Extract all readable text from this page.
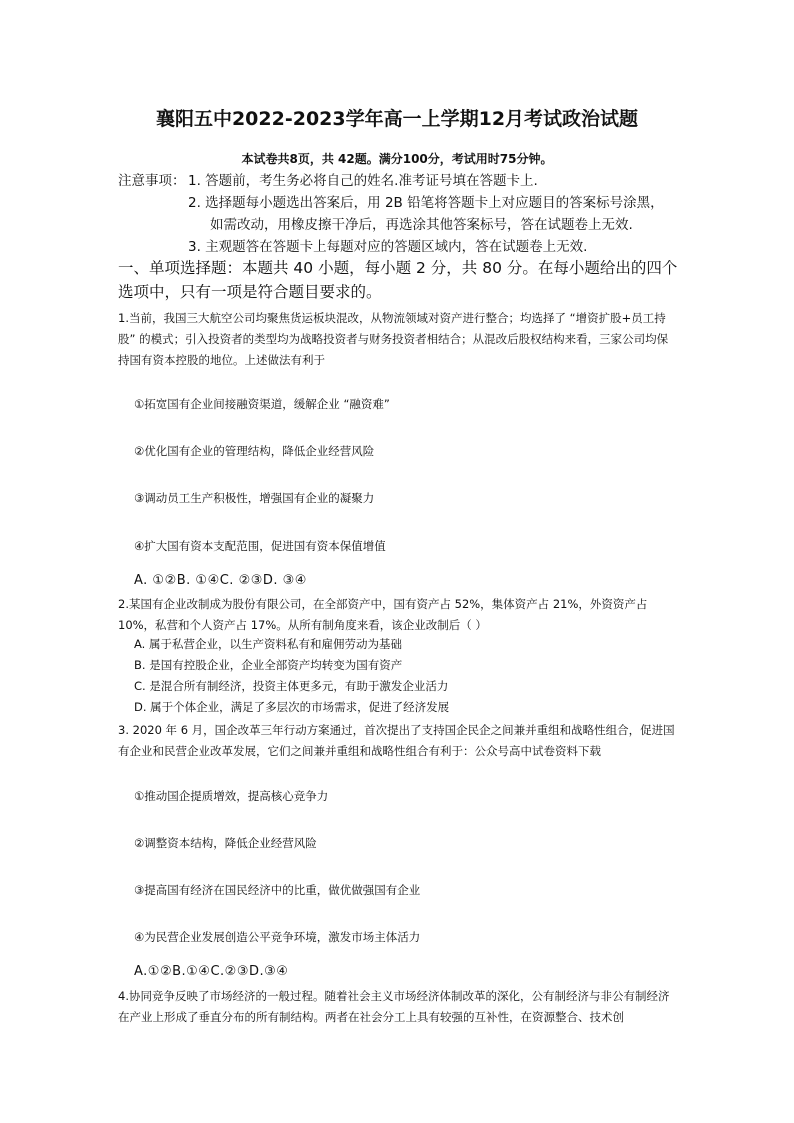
襄阳五中2022-2023学年高一上学期12月考试政治试题
本试卷共8页，共 42题。满分100分，考试用时75分钟。
注意事项： 1. 答题前，考生务必将自己的姓名.准考证号填在答题卡上.
2. 选择题每小题选出答案后，用 2B 铅笔将答题卡上对应题目的答案标号涂黑，
如需改动，用橡皮擦干净后，再选涂其他答案标号，答在试题卷上无效.
3. 主观题答在答题卡上每题对应的答题区域内，答在试题卷上无效.
一、单项选择题：本题共 40 小题，每小题 2 分，共 80 分。在每小题给出的四个选项中，只有一项是符合题目要求的。
1.当前，我国三大航空公司均聚焦货运板块混改，从物流领域对资产进行整合；均选择了 “增资扩股+员工持股” 的模式；引入投资者的类型均为战略投资者与财务投资者相结合；从混改后股权结构来看，三家公司均保持国有资本控股的地位。上述做法有利于
①拓宽国有企业间接融资渠道，缓解企业 “融资难”
②优化国有企业的管理结构，降低企业经营风险
③调动员工生产积极性，增强国有企业的凝聚力
④扩大国有资本支配范围，促进国有资本保值增值
A. ①②B. ①④C. ②③D. ③④
2.某国有企业改制成为股份有限公司，在全部资产中，国有资产占 52%，集体资产占 21%，外资资产占 10%，私营和个人资产占 17%。从所有制角度来看，该企业改制后（ ）
A. 属于私营企业，以生产资料私有和雇佣劳动为基础
B. 是国有控股企业，企业全部资产均转变为国有资产
C. 是混合所有制经济，投资主体更多元，有助于激发企业活力
D. 属于个体企业，满足了多层次的市场需求，促进了经济发展
3. 2020 年 6 月，国企改革三年行动方案通过，首次提出了支持国企民企之间兼并重组和战略性组合，促进国有企业和民营企业改革发展，它们之间兼并重组和战略性组合有利于：公众号高中试卷资料下载
①推动国企提质增效，提高核心竞争力
②调整资本结构，降低企业经营风险
③提高国有经济在国民经济中的比重，做优做强国有企业
④为民营企业发展创造公平竞争环境，激发市场主体活力
A.①②B.①④C.②③D.③④
4.协同竞争反映了市场经济的一般过程。随着社会主义市场经济体制改革的深化，公有制经济与非公有制经济在产业上形成了垂直分布的所有制结构。两者在社会分工上具有较强的互补性，在资源整合、技术创
